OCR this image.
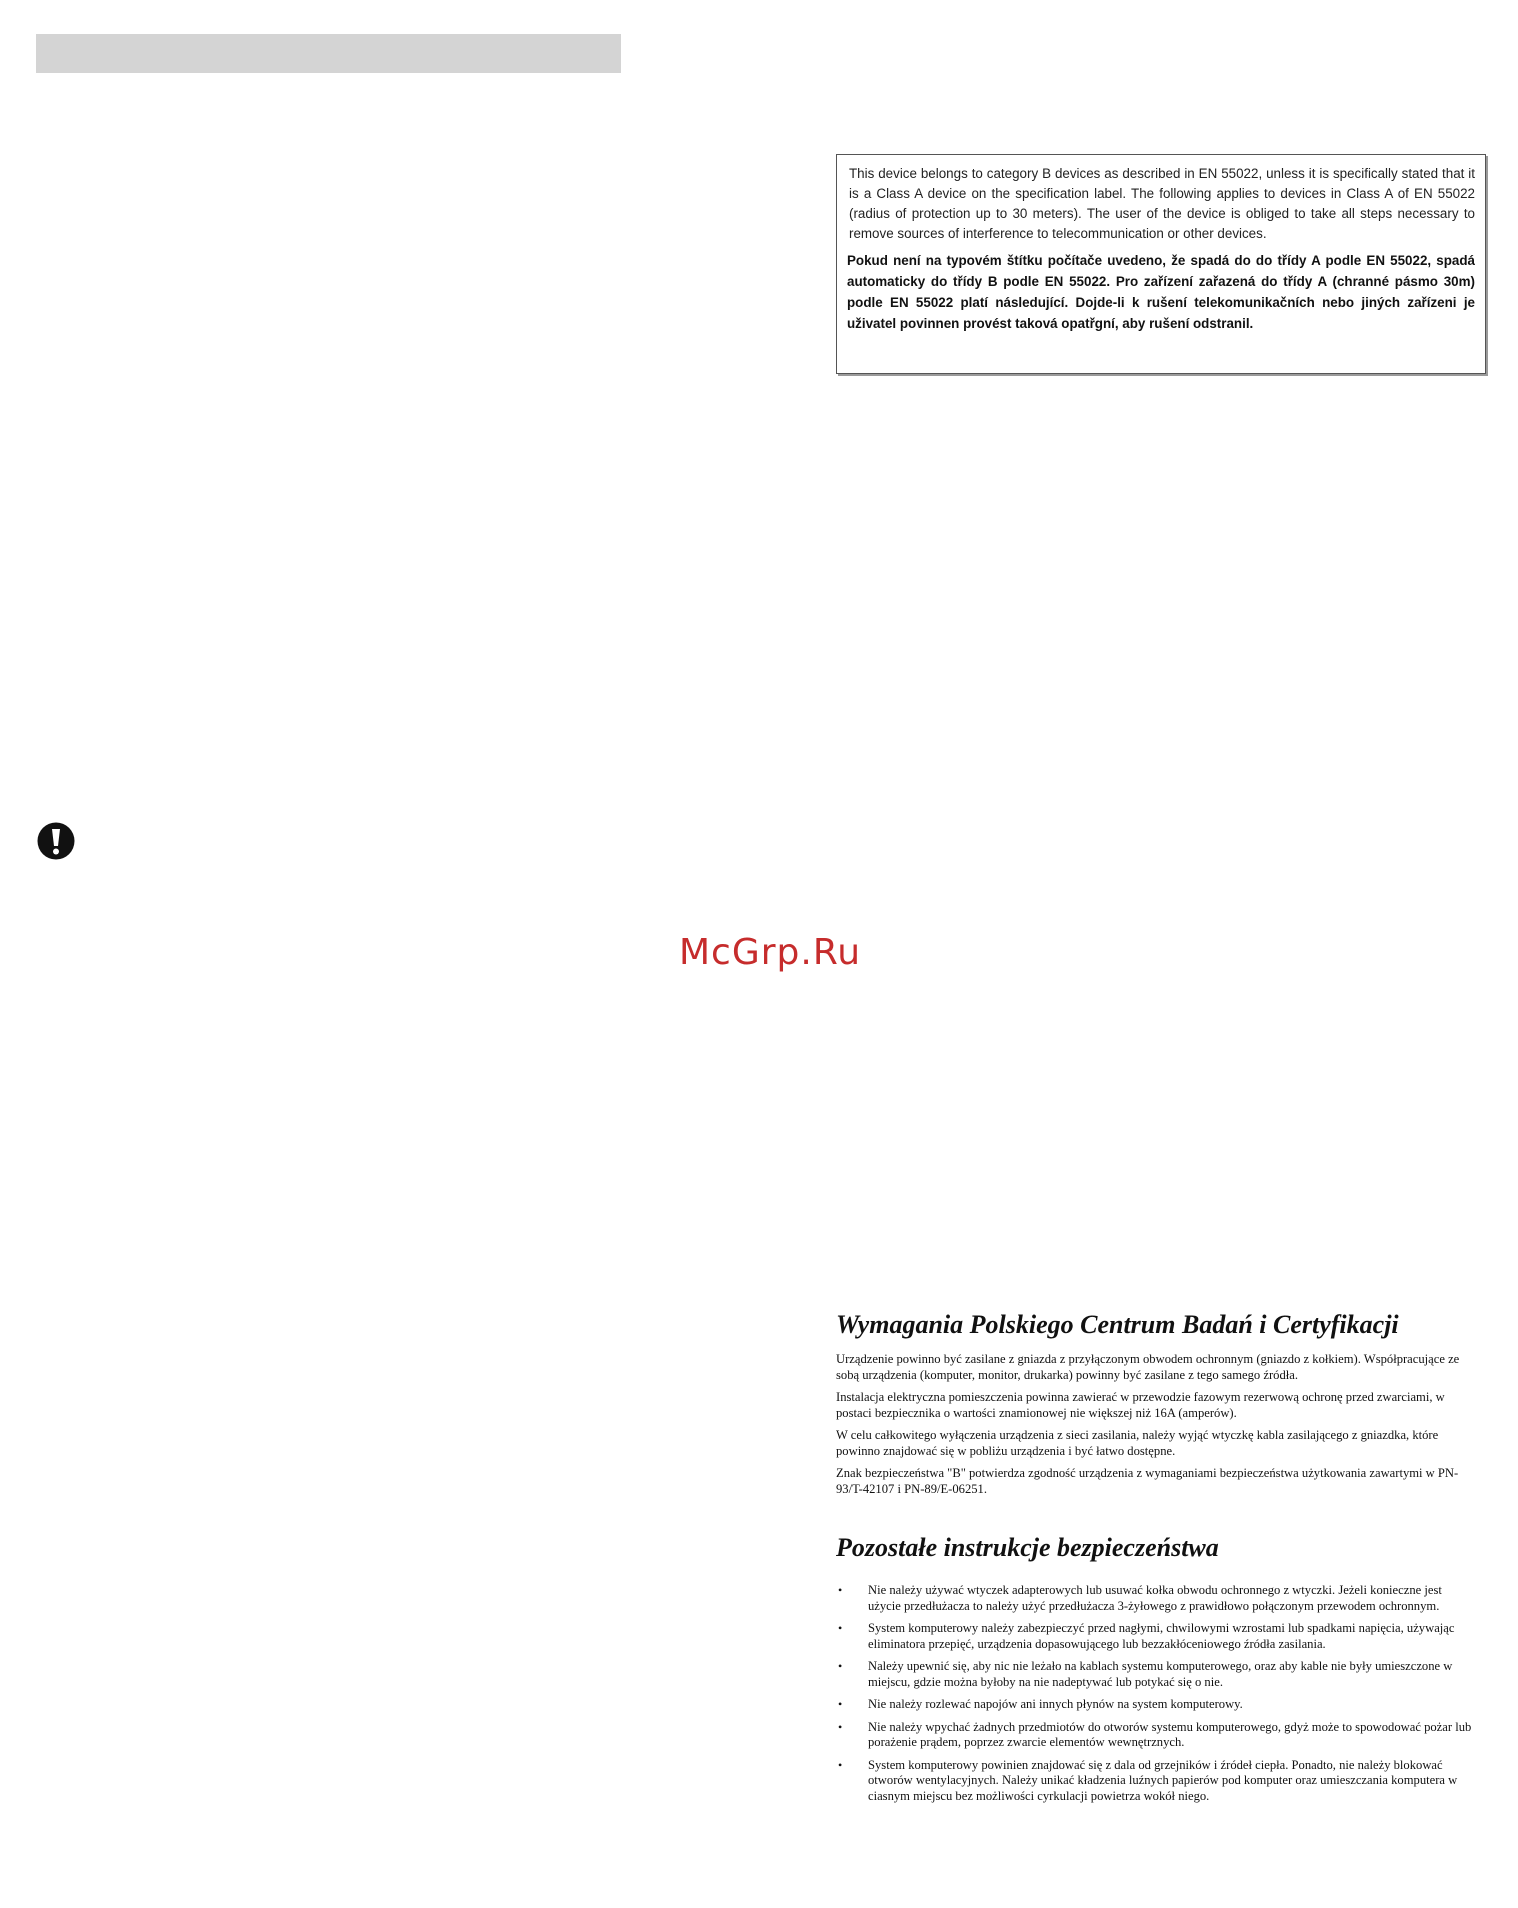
This device belongs to category B devices as described in EN 55022, unless it is specifically stated that it is a Class A device on the specification label. The following applies to devices in Class A of EN 55022 (radius of protection up to 30 meters). The user of the device is obliged to take all steps necessary to remove sources of interference to telecommunication or other devices.

Pokud není na typovém štítku počítače uvedeno, že spadá do do třídy A podle EN 55022, spadá automaticky do třídy B podle EN 55022. Pro zařízení zařazená do třídy A (chranné pásmo 30m) podle EN 55022 platí následující. Dojde-li k rušení telekomunikačních nebo jiných zařízeni je uživatel povinnen provést taková opatřgní, aby rušení odstranil.

McGrp.Ru
Wymagania Polskiego Centrum Badań i Certyfikacji

Urządzenie powinno być zasilane z gniazda z przyłączonym obwodem ochronnym (gniazdo z kołkiem). Współpracujące ze sobą urządzenia (komputer, monitor, drukarka) powinny być zasilane z tego samego źródła.

Instalacja elektryczna pomieszczenia powinna zawierać w przewodzie fazowym rezerwową ochronę przed zwarciami, w postaci bezpiecznika o wartości znamionowej nie większej niż 16A (amperów).

W celu całkowitego wyłączenia urządzenia z sieci zasilania, należy wyjąć wtyczkę kabla zasilającego z gniazdka, które powinno znajdować się w pobliżu urządzenia i być łatwo dostępne.

Znak bezpieczeństwa "B" potwierdza zgodność urządzenia z wymaganiami bezpieczeństwa użytkowania zawartymi w PN-93/T-42107 i PN-89/E-06251.

Pozostałe instrukcje bezpieczeństwa
• Nie należy używać wtyczek adapterowych lub usuwać kołka obwodu ochronnego z wtyczki. Jeżeli konieczne jest użycie przedłużacza to należy użyć przedłużacza 3-żyłowego z prawidłowo połączonym przewodem ochronnym.
• System komputerowy należy zabezpieczyć przed nagłymi, chwilowymi wzrostami lub spadkami napięcia, używając eliminatora przepięć, urządzenia dopasowującego lub bezzakłóceniowego źródła zasilania.
• Należy upewnić się, aby nic nie leżało na kablach systemu komputerowego, oraz aby kable nie były umieszczone w miejscu, gdzie można byłoby na nie nadeptywać lub potykać się o nie.
• Nie należy rozlewać napojów ani innych płynów na system komputerowy.
• Nie należy wpychać żadnych przedmiotów do otworów systemu komputerowego, gdyż może to spowodować pożar lub porażenie prądem, poprzez zwarcie elementów wewnętrznych.
• System komputerowy powinien znajdować się z dala od grzejników i źródeł ciepła. Ponadto, nie należy blokować otworów wentylacyjnych. Należy unikać kładzenia luźnych papierów pod komputer oraz umieszczania komputera w ciasnym miejscu bez możliwości cyrkulacji powietrza wokół niego.
